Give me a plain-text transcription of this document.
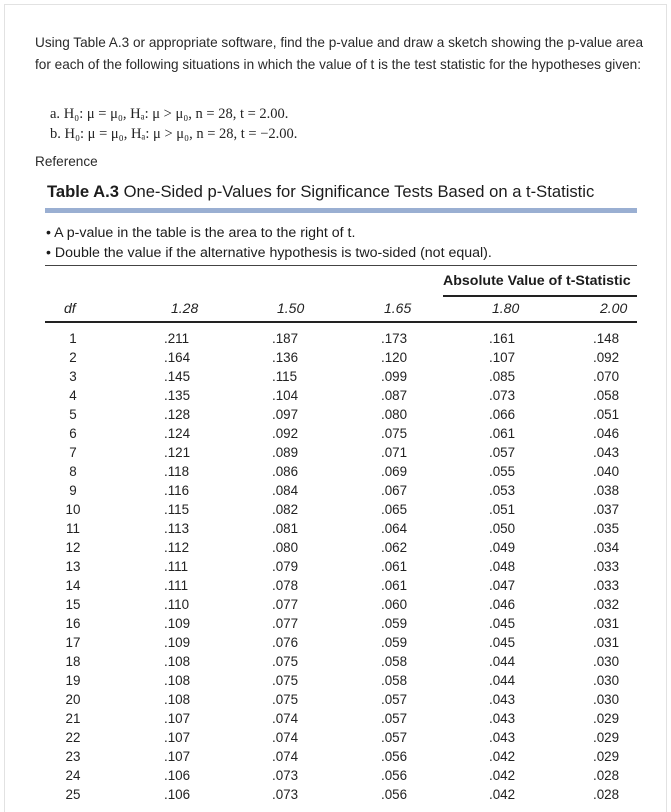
Using Table A.3 or appropriate software, find the p-value and draw a sketch showing the p-value area for each of the following situations in which the value of t is the test statistic for the hypotheses given:
a. H₀: μ = μ₀, Hₐ: μ > μ₀, n = 28, t = 2.00.
b. H₀: μ = μ₀, Hₐ: μ > μ₀, n = 28, t = −2.00.
Reference
Table A.3 One-Sided p-Values for Significance Tests Based on a t-Statistic
• A p-value in the table is the area to the right of t.
• Double the value if the alternative hypothesis is two-sided (not equal).
Absolute Value of t-Statistic
df	1.28	1.50	1.65	1.80	2.00
1	.211	.187	.173	.161	.148
2	.164	.136	.120	.107	.092
3	.145	.115	.099	.085	.070
4	.135	.104	.087	.073	.058
5	.128	.097	.080	.066	.051
6	.124	.092	.075	.061	.046
7	.121	.089	.071	.057	.043
8	.118	.086	.069	.055	.040
9	.116	.084	.067	.053	.038
10	.115	.082	.065	.051	.037
11	.113	.081	.064	.050	.035
12	.112	.080	.062	.049	.034
13	.111	.079	.061	.048	.033
14	.111	.078	.061	.047	.033
15	.110	.077	.060	.046	.032
16	.109	.077	.059	.045	.031
17	.109	.076	.059	.045	.031
18	.108	.075	.058	.044	.030
19	.108	.075	.058	.044	.030
20	.108	.075	.057	.043	.030
21	.107	.074	.057	.043	.029
22	.107	.074	.057	.043	.029
23	.107	.074	.056	.042	.029
24	.106	.073	.056	.042	.028
25	.106	.073	.056	.042	.028
